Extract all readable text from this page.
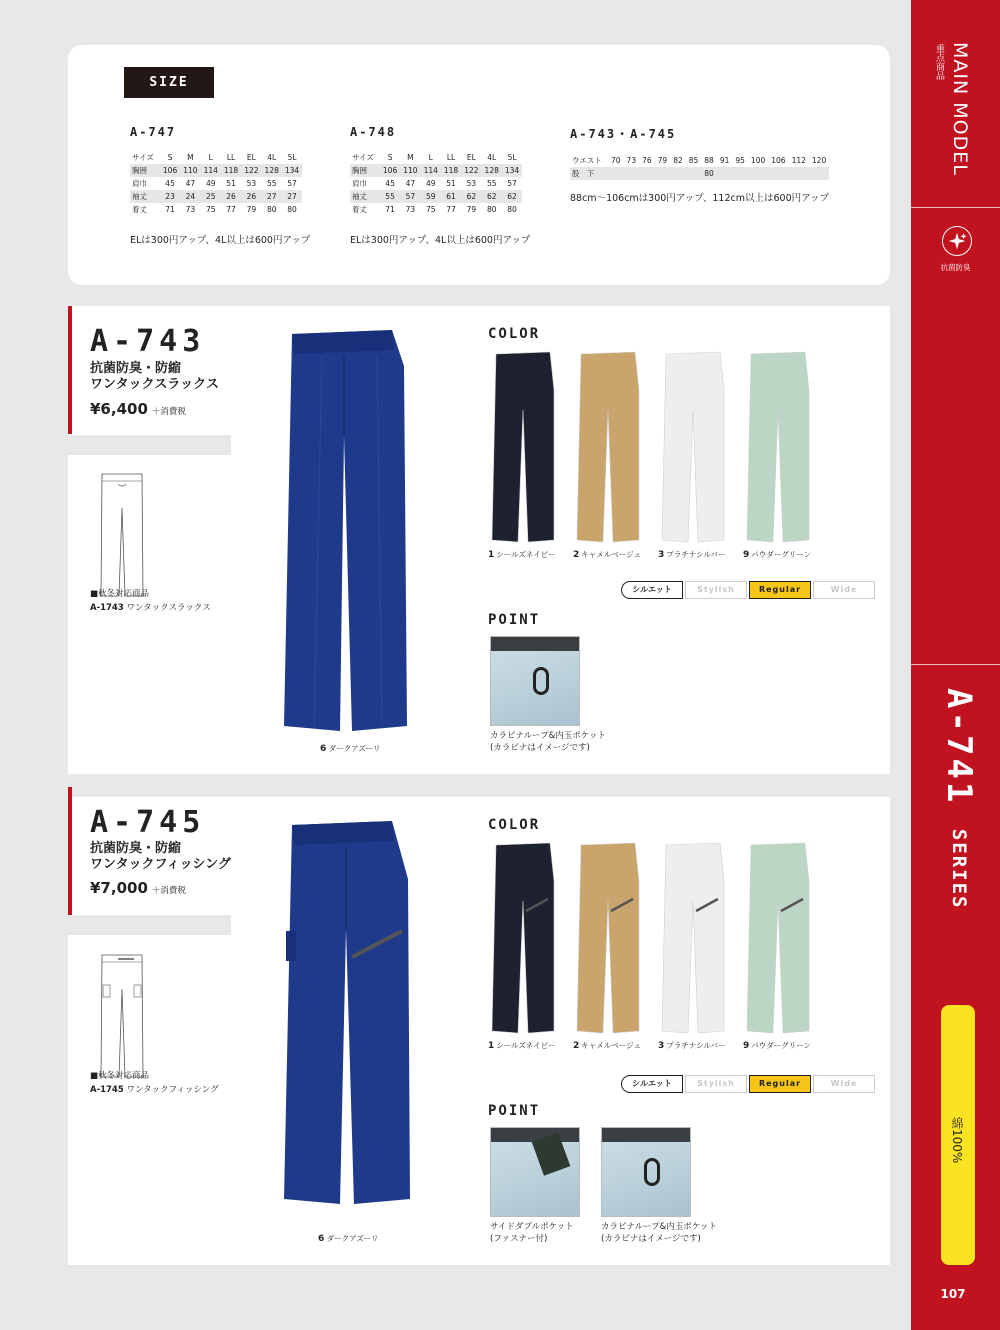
SIZE
A-747
サイズ	S	M	L	LL	EL	4L	5L
胸囲	106	110	114	118	122	128	134
肩巾	45	47	49	51	53	55	57
袖丈	23	24	25	26	26	27	27
着丈	71	73	75	77	79	80	80
ELは300円アップ、4L以上は600円アップ
A-748
サイズ	S	M	L	LL	EL	4L	5L
胸囲	106	110	114	118	122	128	134
肩巾	45	47	49	51	53	55	57
袖丈	55	57	59	61	62	62	62
着丈	71	73	75	77	79	80	80
ELは300円アップ、4L以上は600円アップ
A-743・A-745
ウエスト	70	73	76	79	82	85	88	91	95	100	106	112	120
股　下							80						
88cm～106cmは300円アップ、112cm以上は600円アップ
A-743
抗菌防臭・防縮
ワンタックスラックス
¥6,400 ＋消費税
■秋冬対応商品
A-1743 ワンタックスラックス
6 ダークアズーリ
COLOR
1 シールズネイビー 2 キャメルベージュ 3 プラチナシルバー 9 パウダーグリーン
シルエット	Stylish	Regular	Wide
POINT
カラビナループ&内玉ポケット
(カラビナはイメージです)
A-745
抗菌防臭・防縮
ワンタックフィッシング
¥7,000 ＋消費税
■秋冬対応商品
A-1745 ワンタックフィッシング
6 ダークアズーリ
COLOR
1 シールズネイビー 2 キャメルベージュ 3 プラチナシルバー 9 パウダーグリーン
シルエット	Stylish	Regular	Wide
POINT
サイドダブルポケット
(ファスナー付)
カラビナループ&内玉ポケット
(カラビナはイメージです)
MAIN MODEL
重点商品
抗菌防臭
A-741 SERIES
綿100%
107
